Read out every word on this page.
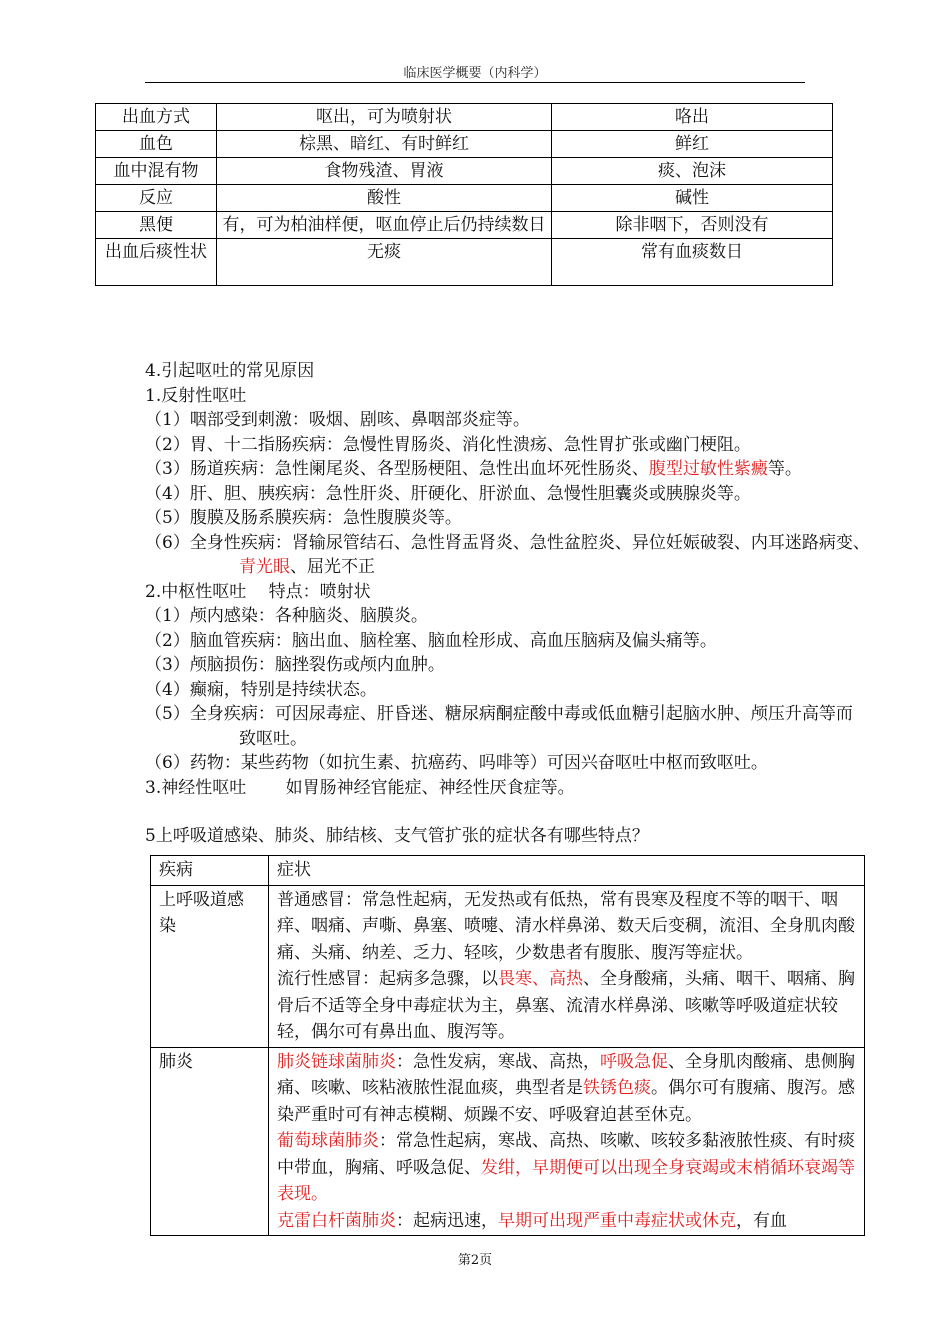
临床医学概要（内科学）
出血方式	呕出，可为喷射状	咯出
血色	棕黑、暗红、有时鲜红	鲜红
血中混有物	食物残渣、胃液	痰、泡沫
反应	酸性	碱性
黑便	有，可为柏油样便，呕血停止后仍持续数日	除非咽下，否则没有
出血后痰性状	无痰	常有血痰数日

4.引起呕吐的常见原因

1.反射性呕吐

（1）咽部受到刺激：吸烟、剧咳、鼻咽部炎症等。

（2）胃、十二指肠疾病：急慢性胃肠炎、消化性溃疡、急性胃扩张或幽门梗阻。

（3）肠道疾病：急性阑尾炎、各型肠梗阻、急性出血坏死性肠炎、腹型过敏性紫癜等。

（4）肝、胆、胰疾病：急性肝炎、肝硬化、肝淤血、急慢性胆囊炎或胰腺炎等。

（5）腹膜及肠系膜疾病：急性腹膜炎等。

（6）全身性疾病：肾输尿管结石、急性肾盂肾炎、急性盆腔炎、异位妊娠破裂、内耳迷路病变、

青光眼、屈光不正

2.中枢性呕吐　 特点：喷射状

（1）颅内感染：各种脑炎、脑膜炎。

（2）脑血管疾病：脑出血、脑栓塞、脑血栓形成、高血压脑病及偏头痛等。

（3）颅脑损伤：脑挫裂伤或颅内血肿。

（4）癫痫，特别是持续状态。

（5）全身疾病：可因尿毒症、肝昏迷、糖尿病酮症酸中毒或低血糖引起脑水肿、颅压升高等而

致呕吐。

（6）药物：某些药物（如抗生素、抗癌药、吗啡等）可因兴奋呕吐中枢而致呕吐。

3.神经性呕吐　　 如胃肠神经官能症、神经性厌食症等。

5上呼吸道感染、肺炎、肺结核、支气管扩张的症状各有哪些特点？

疾病	症状
上呼吸道感染	普通感冒：常急性起病，无发热或有低热，常有畏寒及程度不等的咽干、咽痒、咽痛、声嘶、鼻塞、喷嚏、清水样鼻涕、数天后变稠，流泪、全身肌肉酸痛、头痛、纳差、乏力、轻咳，少数患者有腹胀、腹泻等症状。
流行性感冒：起病多急骤，以畏寒、高热、全身酸痛，头痛、咽干、咽痛、胸骨后不适等全身中毒症状为主，鼻塞、流清水样鼻涕、咳嗽等呼吸道症状较轻，偶尔可有鼻出血、腹泻等。

肺炎	肺炎链球菌肺炎：急性发病，寒战、高热，呼吸急促、全身肌肉酸痛、患侧胸痛、咳嗽、咳粘液脓性混血痰，典型者是铁锈色痰。偶尔可有腹痛、腹泻。感染严重时可有神志模糊、烦躁不安、呼吸窘迫甚至休克。
葡萄球菌肺炎：常急性起病，寒战、高热、咳嗽、咳较多黏液脓性痰、有时痰中带血，胸痛、呼吸急促、发绀，早期便可以出现全身衰竭或末梢循环衰竭等表现。
克雷白杆菌肺炎：起病迅速，早期可出现严重中毒症状或休克，有血
第2页
